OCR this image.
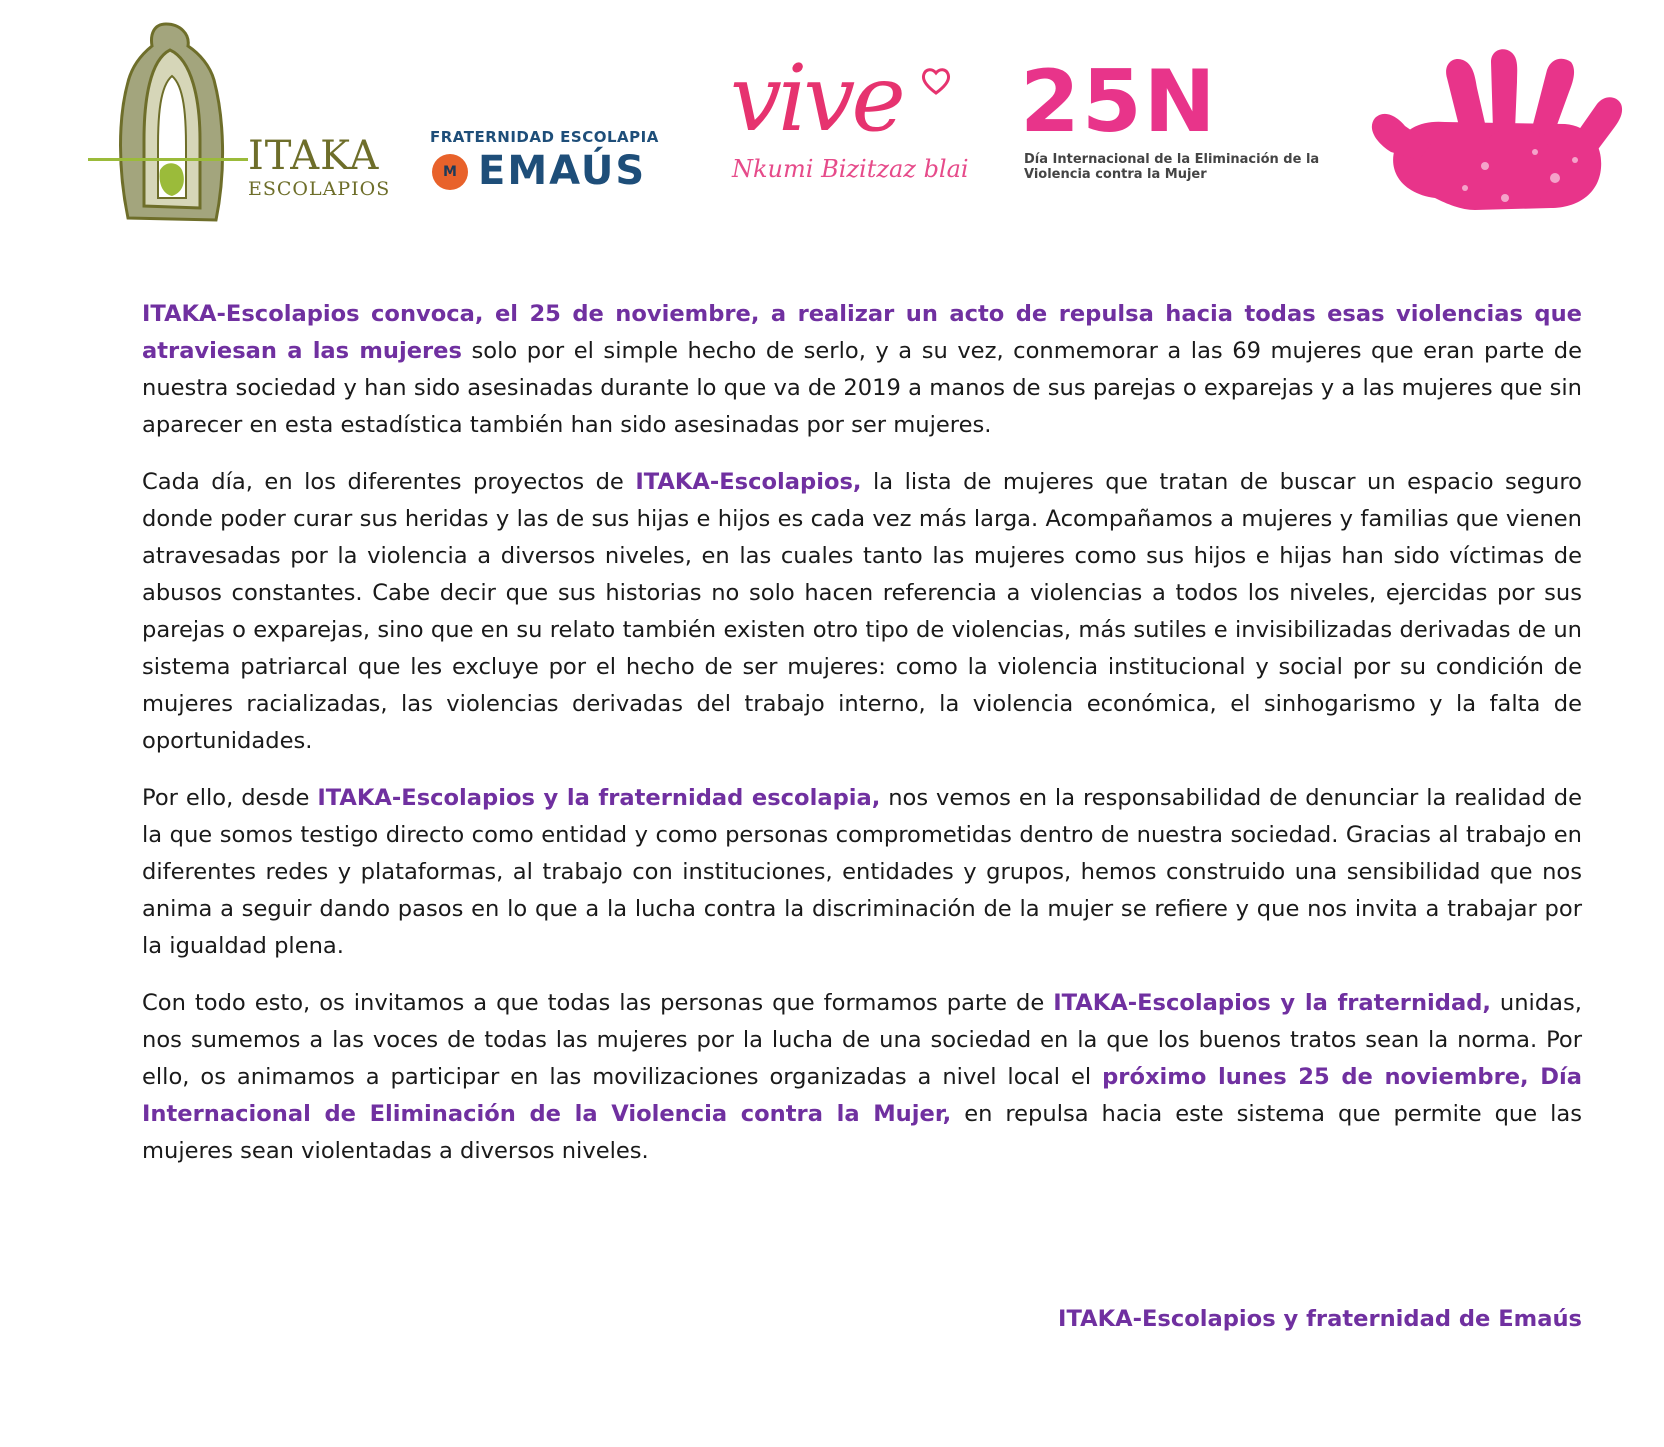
ITAKA
ESCOLAPIOS
FRATERNIDAD ESCOLAPIA
M EMAÚS
vive
Nkumi Bizitzaz blai
25N
Día Internacional de la Eliminación de la
Violencia contra la Mujer

ITAKA-Escolapios convoca, el 25 de noviembre, a realizar un acto de repulsa hacia todas esas violencias que atraviesan a las mujeres solo por el simple hecho de serlo, y a su vez, conmemorar a las 69 mujeres que eran parte de nuestra sociedad y han sido asesinadas durante lo que va de 2019 a manos de sus parejas o exparejas y a las mujeres que sin aparecer en esta estadística también han sido asesinadas por ser mujeres.

Cada día, en los diferentes proyectos de ITAKA-Escolapios, la lista de mujeres que tratan de buscar un espacio seguro donde poder curar sus heridas y las de sus hijas e hijos es cada vez más larga. Acompañamos a mujeres y familias que vienen atravesadas por la violencia a diversos niveles, en las cuales tanto las mujeres como sus hijos e hijas han sido víctimas de abusos constantes. Cabe decir que sus historias no solo hacen referencia a violencias a todos los niveles, ejercidas por sus parejas o exparejas, sino que en su relato también existen otro tipo de violencias, más sutiles e invisibilizadas derivadas de un sistema patriarcal que les excluye por el hecho de ser mujeres: como la violencia institucional y social por su condición de mujeres racializadas, las violencias derivadas del trabajo interno, la violencia económica, el sinhogarismo y la falta de oportunidades.

Por ello, desde ITAKA-Escolapios y la fraternidad escolapia, nos vemos en la responsabilidad de denunciar la realidad de la que somos testigo directo como entidad y como personas comprometidas dentro de nuestra sociedad. Gracias al trabajo en diferentes redes y plataformas, al trabajo con instituciones, entidades y grupos, hemos construido una sensibilidad que nos anima a seguir dando pasos en lo que a la lucha contra la discriminación de la mujer se refiere y que nos invita a trabajar por la igualdad plena.

Con todo esto, os invitamos a que todas las personas que formamos parte de ITAKA-Escolapios y la fraternidad, unidas, nos sumemos a las voces de todas las mujeres por la lucha de una sociedad en la que los buenos tratos sean la norma. Por ello, os animamos a participar en las movilizaciones organizadas a nivel local el próximo lunes 25 de noviembre, Día Internacional de Eliminación de la Violencia contra la Mujer, en repulsa hacia este sistema que permite que las mujeres sean violentadas a diversos niveles.

ITAKA-Escolapios y fraternidad de Emaús
